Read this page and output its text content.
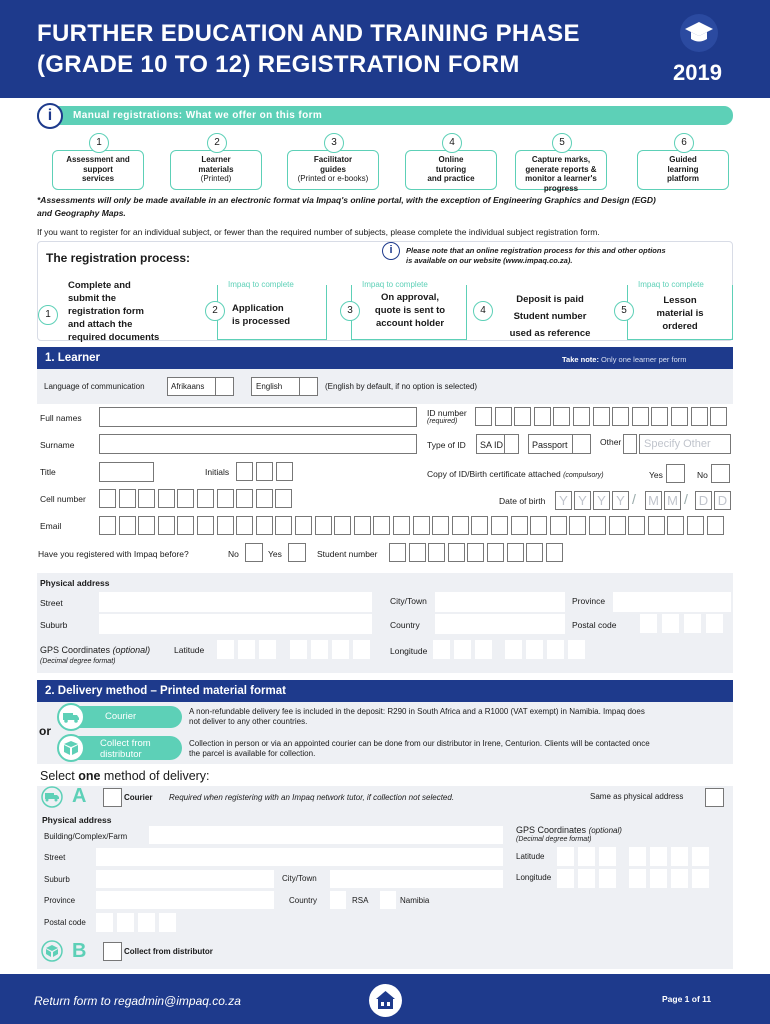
FURTHER EDUCATION AND TRAINING PHASE
(GRADE 10 TO 12) REGISTRATION FORM	2019
i	Manual registrations: What we offer on this form
1
Assessment and
support
services
2
Learner
materials
(Printed)
3
Facilitator
guides
(Printed or e-books)
4
Online
tutoring
and practice
5
Capture marks,
generate reports &
monitor a learner's
progress
6
Guided
learning
platform
*Assessments will only be made available in an electronic format via Impaq's online portal, with the exception of Engineering Graphics and Design (EGD)
and Geography Maps.
If you want to register for an individual subject, or fewer than the required number of subjects, please complete the individual subject registration form.
The registration process:
i	Please note that an online registration process for this and other options
is available on our website (www.impaq.co.za).
1
Complete and
submit the
registration form
and attach the
required documents
Impaq to complete
2	Application
is processed
Impaq to complete
3
On approval,
quote is sent to
account holder
4
Deposit is paid
Student number
used as reference
Impaq to complete
5
Lesson
material is
ordered
1. Learner	Take note: Only one learner per form
Language of communication	Afrikaans	English	(English by default, if no option is selected)
Full names	ID number
(required)
Surname	Type of ID SA ID	Passport	Other Specify Other
Title	Initials	Copy of ID/Birth certificate attached (compulsory)	Yes	No
Cell number	Date of birth	Y Y Y Y / M M / D D
Email
Have you registered with Impaq before?	No	Yes	Student number
Physical address
Street	City/Town	Province
Suburb	Country	Postal code
GPS Coordinates (optional)	Latitude	Longitude
(Decimal degree format)
2. Delivery method – Printed material format
Courier	A non-refundable delivery fee is included in the deposit: R290 in South Africa and a R1000 (VAT exempt) in Namibia. Impaq does
not deliver to any other countries.
or
Collect from
distributor
Collection in person or via an appointed courier can be done from our distributor in Irene, Centurion. Clients will be contacted once
the parcel is available for collection.
Select one method of delivery:
A	Courier Required when registering with an Impaq network tutor, if collection not selected.	Same as physical address
Physical address
Building/Complex/Farm
GPS Coordinates (optional)
(Decimal degree format)
Street	Latitude
Suburb	City/Town	Longitude
Province	Country	RSA	Namibia
Postal code
B	Collect from distributor
Return form to regadmin@impaq.co.za	Page 1 of 11
